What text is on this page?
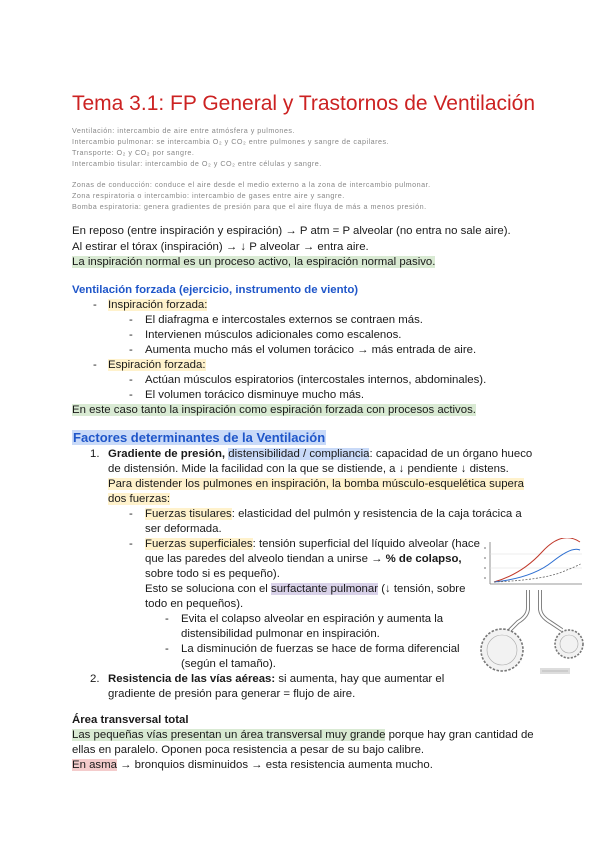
Tema 3.1: FP General y Trastornos de Ventilación
Ventilación: intercambio de aire entre atmósfera y pulmones.
Intercambio pulmonar: se intercambia O₂ y CO₂ entre pulmones y sangre de capilares.
Transporte: O₂ y CO₂ por sangre.
Intercambio tisular: intercambio de O₂ y CO₂ entre células y sangre.
Zonas de conducción: conduce el aire desde el medio externo a la zona de intercambio pulmonar.
Zona respiratoria o intercambio: intercambio de gases entre aire y sangre.
Bomba espiratoria: genera gradientes de presión para que el aire fluya de más a menos presión.
En reposo (entre inspiración y espiración) → P atm = P alveolar (no entra no sale aire).
Al estirar el tórax (inspiración) → ↓ P alveolar → entra aire.
La inspiración normal es un proceso activo, la espiración normal pasivo.
Ventilación forzada (ejercicio, instrumento de viento)
- Inspiración forzada:
- El diafragma e intercostales externos se contraen más.
- Intervienen músculos adicionales como escalenos.
- Aumenta mucho más el volumen torácico → más entrada de aire.
- Espiración forzada:
- Actúan músculos espiratorios (intercostales internos, abdominales).
- El volumen torácico disminuye mucho más.
En este caso tanto la inspiración como espiración forzada con procesos activos.
Factores determinantes de la Ventilación
1. Gradiente de presión, distensibilidad / compliancia: capacidad de un órgano hueco
de distensión. Mide la facilidad con la que se distiende, a ↓ pendiente ↓ distens.
Para distender los pulmones en inspiración, la bomba músculo-esquelética supera
dos fuerzas:
- Fuerzas tisulares: elasticidad del pulmón y resistencia de la caja torácica a
ser deformada.
- Fuerzas superficiales: tensión superficial del líquido alveolar (hace
que las paredes del alveolo tiendan a unirse → % de colapso,
sobre todo si es pequeño).
Esto se soluciona con el surfactante pulmonar (↓ tensión, sobre
todo en pequeños).
- Evita el colapso alveolar en espiración y aumenta la
distensibilidad pulmonar en inspiración.
- La disminución de fuerzas se hace de forma diferencial
(según el tamaño).
2. Resistencia de las vías aéreas: si aumenta, hay que aumentar el
gradiente de presión para generar = flujo de aire.
Área transversal total
Las pequeñas vías presentan un área transversal muy grande porque hay gran cantidad de
ellas en paralelo. Oponen poca resistencia a pesar de su bajo calibre.
En asma → bronquios disminuidos → esta resistencia aumenta mucho.
